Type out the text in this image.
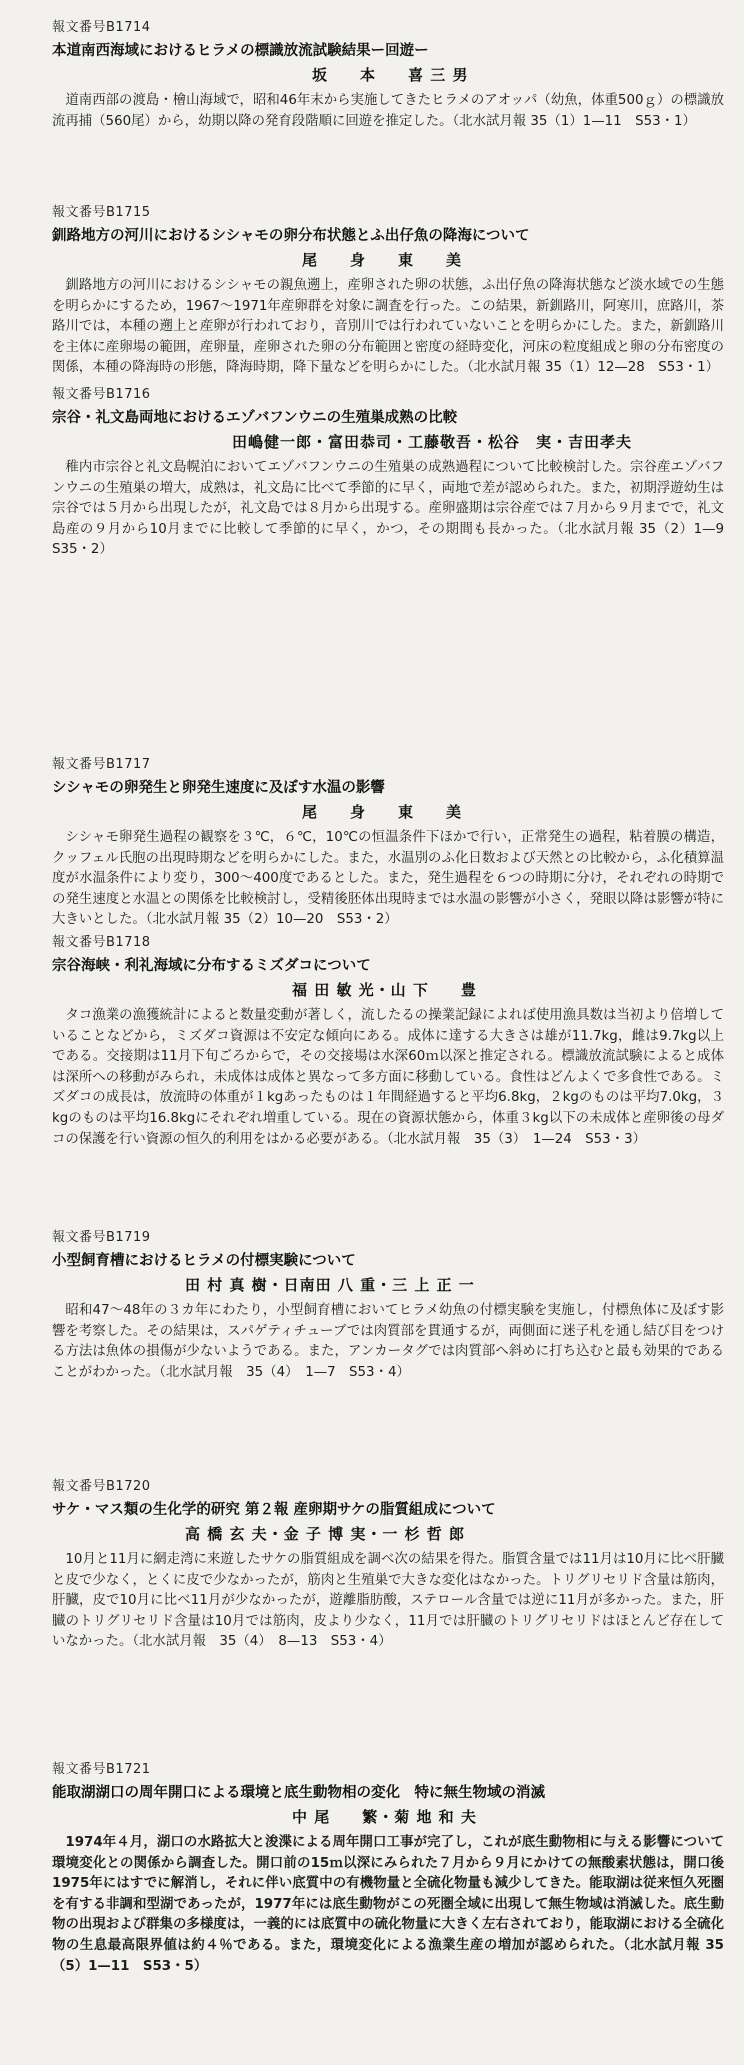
報文番号B1714
本道南西海域におけるヒラメの標識放流試験結果ー回遊ー
坂　　本　　喜 三 男

道南西部の渡島・檜山海域で，昭和46年末から実施してきたヒラメのアオッパ（幼魚，体重500ｇ）の標識放流再捕（560尾）から，幼期以降の発育段階順に回遊を推定した。（北水試月報 35（1）1—11　S53・1）

報文番号B1715
釧路地方の河川におけるシシャモの卵分布状態とふ出仔魚の降海について
尾　　身　　東　　美

釧路地方の河川におけるシシャモの親魚遡上，産卵された卵の状態，ふ出仔魚の降海状態など淡水域での生態を明らかにするため，1967〜1971年産卵群を対象に調査を行った。この結果，新釧路川，阿寒川，庶路川，茶路川では，本種の遡上と産卵が行われており，音別川では行われていないことを明らかにした。また，新釧路川を主体に産卵場の範囲，産卵量，産卵された卵の分布範囲と密度の経時変化，河床の粒度組成と卵の分布密度の関係，本種の降海時の形態，降海時期，降下量などを明らかにした。（北水試月報 35（1）12—28　S53・1）

報文番号B1716
宗谷・礼文島両地におけるエゾバフンウニの生殖巣成熟の比較
田嶋健一郎・富田恭司・工藤敬吾・松谷　実・吉田孝夫

稚内市宗谷と礼文島幌泊においてエゾバフンウニの生殖巣の成熟過程について比較検討した。宗谷産エゾバフンウニの生殖巣の増大，成熟は，礼文島に比べて季節的に早く，両地で差が認められた。また，初期浮遊幼生は宗谷では５月から出現したが，礼文島では８月から出現する。産卵盛期は宗谷産では７月から９月までで，礼文島産の９月から10月までに比較して季節的に早く，かつ，その期間も長かった。（北水試月報 35（2）1—9　S35・2）

報文番号B1717
シシャモの卵発生と卵発生速度に及ぼす水温の影響
尾　　身　　東　　美

シシャモ卵発生過程の観察を３℃，６℃，10℃の恒温条件下ほかで行い，正常発生の過程，粘着膜の構造，クッフェル氏胞の出現時期などを明らかにした。また，水温別のふ化日数および天然との比較から，ふ化積算温度が水温条件により変り，300〜400度であるとした。また，発生過程を６つの時期に分け，それぞれの時期での発生速度と水温との関係を比較検討し，受精後胚体出現時までは水温の影響が小さく，発眼以降は影響が特に大きいとした。（北水試月報 35（2）10—20　S53・2）

報文番号B1718
宗谷海峡・利礼海域に分布するミズダコについて
福 田 敏 光・山 下　　豊

タコ漁業の漁獲統計によると数量変動が著しく，流したるの操業記録によれば使用漁具数は当初より倍増していることなどから，ミズダコ資源は不安定な傾向にある。成体に達する大きさは雄が11.7kg，雌は9.7kg以上である。交接期は11月下旬ごろからで，その交接場は水深60ｍ以深と推定される。標識放流試験によると成体は深所への移動がみられ，未成体は成体と異なって多方面に移動している。食性はどんよくで多食性である。ミズダコの成長は，放流時の体重が１kgあったものは１年間経過すると平均6.8kg，２kgのものは平均7.0kg，３kgのものは平均16.8kgにそれぞれ増重している。現在の資源状態から，体重３kg以下の未成体と産卵後の母ダコの保護を行い資源の恒久的利用をはかる必要がある。（北水試月報　35（3）　1—24　S53・3）

報文番号B1719
小型飼育槽におけるヒラメの付標実験について
田 村 真 樹・日南田 八 重・三 上 正 一

昭和47〜48年の３カ年にわたり，小型飼育槽においてヒラメ幼魚の付標実験を実施し，付標魚体に及ぼす影響を考察した。その結果は，スパゲティチューブでは肉質部を貫通するが，両側面に迷子札を通し結び目をつける方法は魚体の損傷が少ないようである。また，アンカータグでは肉質部へ斜めに打ち込むと最も効果的であることがわかった。（北水試月報　35（4）　1—7　S53・4）

報文番号B1720
サケ・マス類の生化学的研究 第２報 産卵期サケの脂質組成について
高 橋 玄 夫・金 子 博 実・一 杉 哲 郎

10月と11月に網走湾に来遊したサケの脂質組成を調べ次の結果を得た。脂質含量では11月は10月に比べ肝臓と皮で少なく，とくに皮で少なかったが，筋肉と生殖巣で大きな変化はなかった。トリグリセリド含量は筋肉，肝臓，皮で10月に比べ11月が少なかったが，遊離脂肪酸，ステロール含量では逆に11月が多かった。また，肝臓のトリグリセリド含量は10月では筋肉，皮より少なく，11月では肝臓のトリグリセリドはほとんど存在していなかった。（北水試月報　35（4）　8—13　S53・4）

報文番号B1721
能取湖湖口の周年開口による環境と底生動物相の変化　特に無生物域の消滅
中 尾　　繁・菊 地 和 夫

1974年４月，湖口の水路拡大と浚渫による周年開口工事が完了し，これが底生動物相に与える影響について環境変化との関係から調査した。開口前の15ｍ以深にみられた７月から９月にかけての無酸素状態は，開口後1975年にはすでに解消し，それに伴い底質中の有機物量と全硫化物量も減少してきた。能取湖は従来恒久死圏を有する非調和型湖であったが，1977年には底生動物がこの死圏全域に出現して無生物域は消滅した。底生動物の出現および群集の多様度は，一義的には底質中の硫化物量に大きく左右されており，能取湖における全硫化物の生息最高限界値は約４％である。また，環境変化による漁業生産の増加が認められた。（北水試月報 35（5）1—11　S53・5）
